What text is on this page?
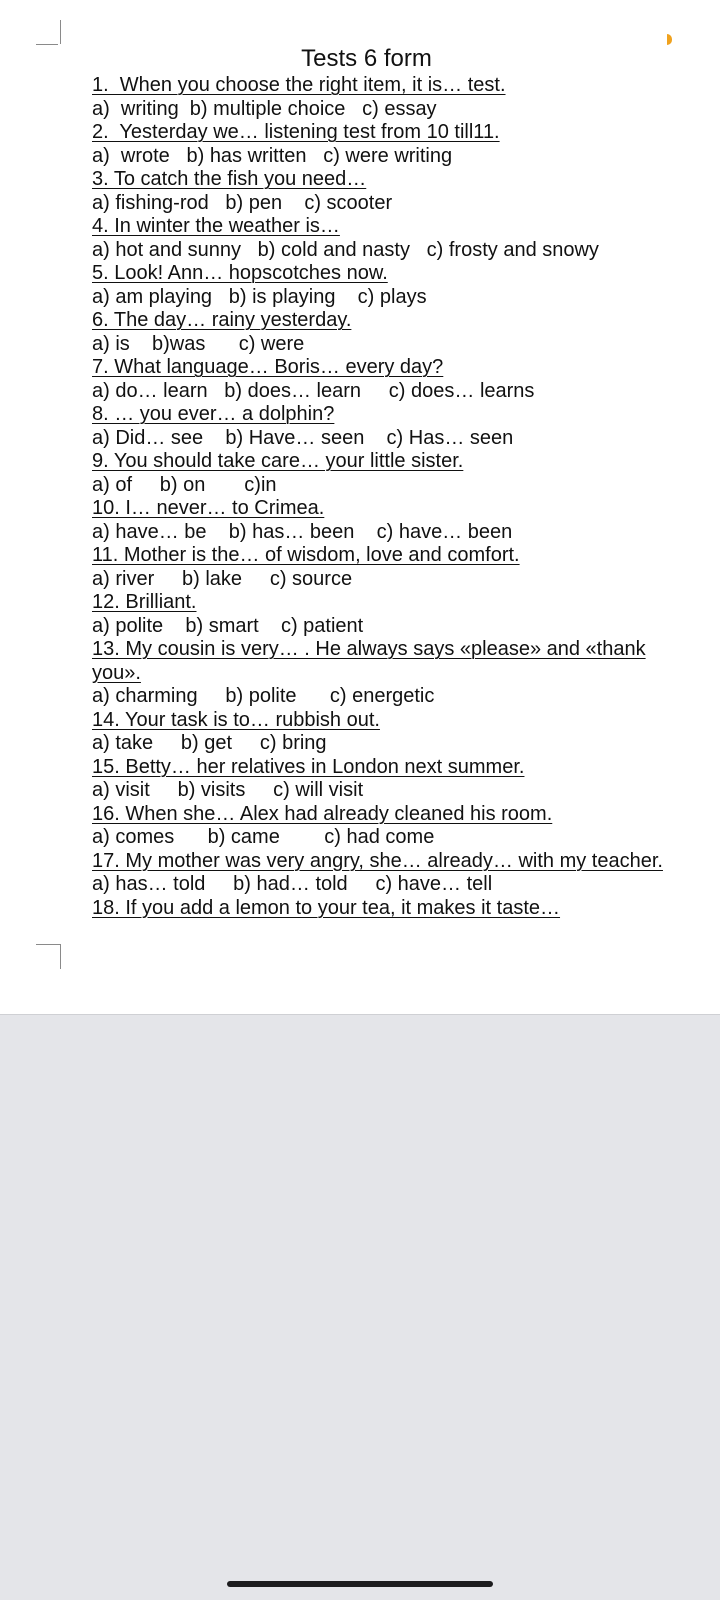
Tests 6 form
1.  When you choose the right item, it is… test.
a)  writing  b) multiple choice   c) essay
2.  Yesterday we… listening test from 10 till11.
a)  wrote   b) has written   c) were writing
3. To catch the fish you need…
a) fishing-rod   b) pen    c) scooter
4. In winter the weather is…
a) hot and sunny   b) cold and nasty   c) frosty and snowy
5. Look! Ann… hopscotches now.
a) am playing   b) is playing    c) plays
6. The day… rainy yesterday.
a) is    b)was      c) were
7. What language… Boris… every day?
a) do… learn   b) does… learn     c) does… learns
8. … you ever… a dolphin?
a) Did… see    b) Have… seen    c) Has… seen
9. You should take care… your little sister.
a) of     b) on       c)in
10. I… never… to Crimea.
a) have… be    b) has… been    c) have… been
11. Mother is the… of wisdom, love and comfort.
a) river     b) lake     c) source
12. Brilliant.
a) polite    b) smart    c) patient
13. My cousin is very… . He always says «please» and «thank
you».
a) charming     b) polite      c) energetic
14. Your task is to… rubbish out.
a) take     b) get     c) bring
15. Betty… her relatives in London next summer.
a) visit     b) visits     c) will visit
16. When she… Alex had already cleaned his room.
a) comes      b) came        c) had come
17. My mother was very angry, she… already… with my teacher.
a) has… told     b) had… told     c) have… tell
18. If you add a lemon to your tea, it makes it taste…
